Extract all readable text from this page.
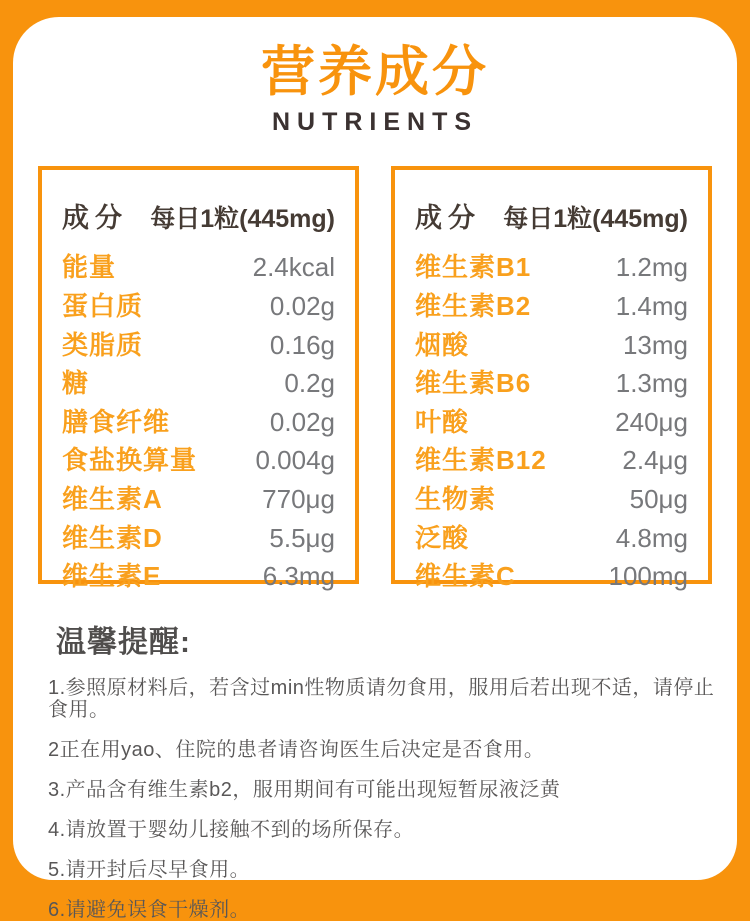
营养成分
NUTRIENTS
成分 每日1粒(445mg)
能量	2.4kcal
蛋白质	0.02g
类脂质	0.16g
糖	0.2g
膳食纤维	0.02g
食盐换算量 0.004g
维生素A	770μg
维生素D	5.5μg
维生素E	6.3mg
成分 每日1粒(445mg)
维生素B1	1.2mg
维生素B2	1.4mg
烟酸	13mg
维生素B6	1.3mg
叶酸	240μg
维生素B12	2.4μg
生物素	50μg
泛酸	4.8mg
维生素C	100mg
温馨提醒:
1.参照原材料后，若含过min性物质请勿食用，服用后若出现不适，请停止食用。
2正在用yao、住院的患者请咨询医生后决定是否食用。
3.产品含有维生素b2，服用期间有可能出现短暂尿液泛黄
4.请放置于婴幼儿接触不到的场所保存。
5.请开封后尽早食用。
6.请避免误食干燥剂。
